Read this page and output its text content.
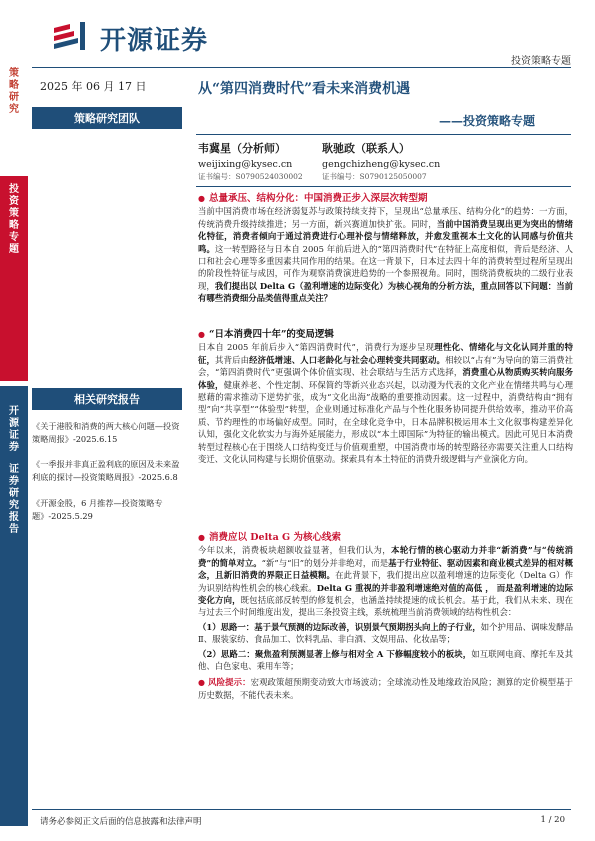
策
略
研
究
投
资
策
略
专
题
开
源
证
券
证
券
研
究
报
告
开源证券
投资策略专题
2025 年 06 月 17 日
策略研究团队
从“第四消费时代”看未来消费机遇
——投资策略专题
韦冀星（分析师）
weijixing@kysec.cn
证书编号：S0790524030002
耿驰政（联系人）
gengchizheng@kysec.cn
证书编号：S0790125050007
● 总量承压、结构分化：中国消费正步入深层次转型期

当前中国消费市场在经济弱复苏与政策持续支持下，呈现出“总量承压、结构分化”的趋势：一方面，传统消费升级持续推进；另一方面，新兴赛道加快扩张。同时，当前中国消费呈现出更为突出的情绪化特征，消费者倾向于通过消费进行心理补偿与情绪释放，并愈发重视本土文化的认同感与价值共鸣。这一转型路径与日本自 2005 年前后进入的“第四消费时代”在特征上高度相似，背后是经济、人口和社会心理等多重因素共同作用的结果。在这一背景下，日本过去四十年的消费转型过程所呈现出的阶段性特征与成因，可作为观察消费演进趋势的一个参照视角。同时，围绕消费板块的二级行业表现，我们提出以 Delta G（盈利增速的边际变化）为核心视角的分析方法，重点回答以下问题：当前有哪些消费细分品类值得重点关注？

● “日本消费四十年”的变局逻辑

日本自 2005 年前后步入“第四消费时代”，消费行为逐步呈现理性化、情绪化与文化认同并重的特征，其背后由经济低增速、人口老龄化与社会心理转变共同驱动。相较以“占有”为导向的第三消费社会，“第四消费时代”更强调个体价值实现、社会联结与生活方式选择，消费重心从物质购买转向服务体验，健康养老、个性定制、环保简约等新兴业态兴起，以动漫为代表的文化产业在情绪共鸣与心理慰藉的需求推动下逆势扩张，成为“文化出海”战略的重要推动因素。这一过程中，消费结构由“拥有型”向“共享型”“体验型”转型，企业则通过标准化产品与个性化服务协同提升供给效率，推动平价高质、节约理性的市场偏好成型。同时，在全球化竞争中，日本品牌积极运用本土文化叙事构建差异化认知，强化文化软实力与海外延展能力，形成以“本土即国际”为特征的输出模式。因此可见日本消费转型过程核心在于围绕人口结构变迁与价值观重塑，中国消费市场的转型路径亦需要关注重人口结构变迁、文化认同构建与长期价值驱动。探索具有本土特征的消费升级逻辑与产业演化方向。

● 消费应以 Delta G 为核心线索

今年以来，消费板块超额收益显著，但我们认为，本轮行情的核心驱动力并非“新消费”与“传统消费”的简单对立。“新”与“旧”的划分并非绝对，而是基于行业特征、驱动因素和商业模式差异的相对概念，且新旧消费的界限正日益模糊。在此背景下，我们提出应以盈利增速的边际变化（Delta G）作为识别结构性机会的核心线索。Delta G 重视的并非盈利增速绝对值的高低 ， 而是盈利增速的边际变化方向，既包括底部反转型的修复机会，也涵盖持续提速的成长机会。基于此，我们从未来、现在与过去三个时间维度出发，提出三条投资主线，系统梳理当前消费领域的结构性机会：

（1）思路一：基于景气预测的边际改善，识别景气预期拐头向上的子行业，如个护用品、调味发酵品Ⅱ、服装家纺、食品加工、饮料乳品、非白酒、文娱用品、化妆品等；

（2）思路二：聚焦盈利预测显著上修与相对全 A 下修幅度较小的板块，如互联网电商、摩托车及其他、白色家电、乘用车等；

● 风险提示：宏观政策超预期变动致大市场波动；全球流动性及地缘政治风险；测算的定价模型基于历史数据，不能代表未来。

相关研究报告
《关于港股和消费的两大核心问题—投资策略周报》-2025.6.15
《一季报并非真正盈利底的原因及未来盈利底的探讨—投资策略周报》-2025.6.8
《开源金股，6 月推荐—投资策略专题》-2025.5.29
请务必参阅正文后面的信息披露和法律声明	1 / 20
